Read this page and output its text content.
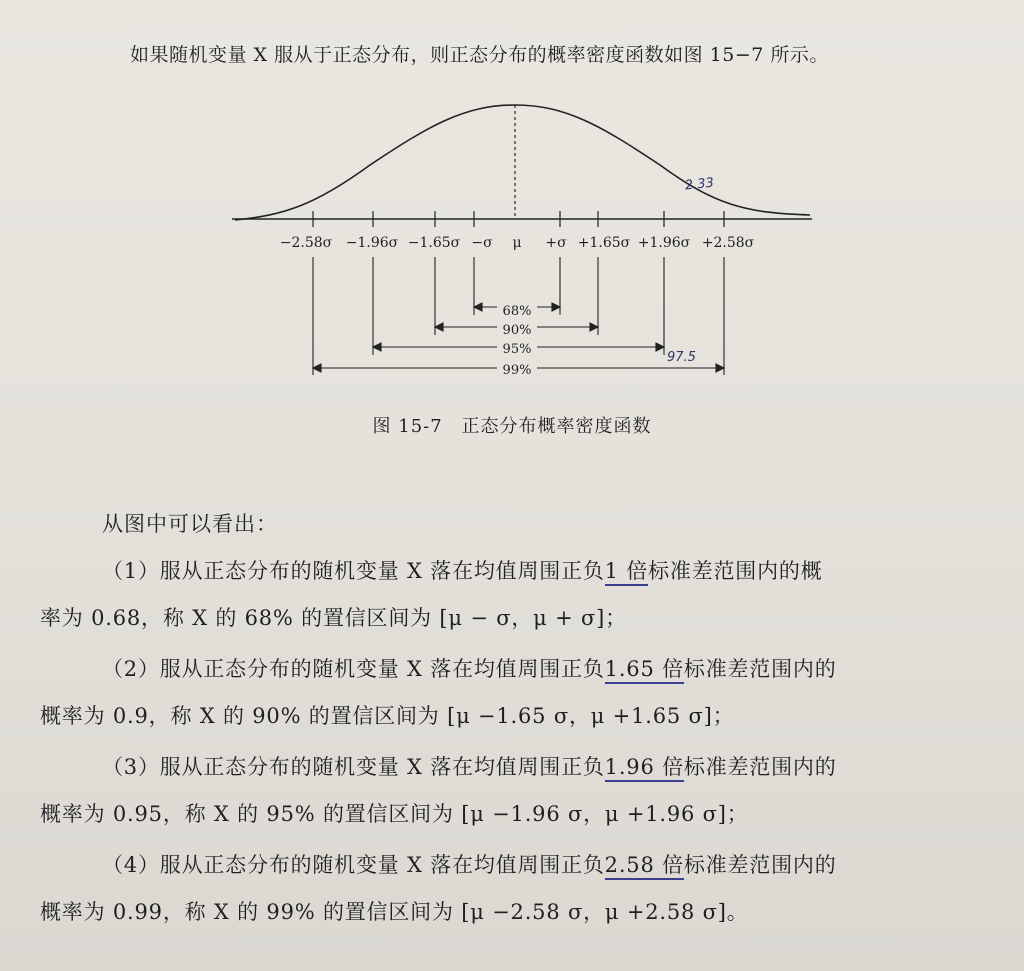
如果随机变量 X 服从于正态分布，则正态分布的概率密度函数如图 15−7 所示。
−2.58σ −1.96σ −1.65σ −σ μ +σ +1.65σ +1.96σ +2.58σ
68%
90%
95%
99%
2.33
97.5
图 15-7 正态分布概率密度函数
从图中可以看出：
（1）服从正态分布的随机变量 X 落在均值周围正负1 倍标准差范围内的概
率为 0.68，称 X 的 68% 的置信区间为 [μ − σ，μ + σ]；
（2）服从正态分布的随机变量 X 落在均值周围正负1.65 倍标准差范围内的
概率为 0.9，称 X 的 90% 的置信区间为 [μ −1.65 σ，μ +1.65 σ]；
（3）服从正态分布的随机变量 X 落在均值周围正负1.96 倍标准差范围内的
概率为 0.95，称 X 的 95% 的置信区间为 [μ −1.96 σ，μ +1.96 σ]；
（4）服从正态分布的随机变量 X 落在均值周围正负2.58 倍标准差范围内的
概率为 0.99，称 X 的 99% 的置信区间为 [μ −2.58 σ，μ +2.58 σ]。
